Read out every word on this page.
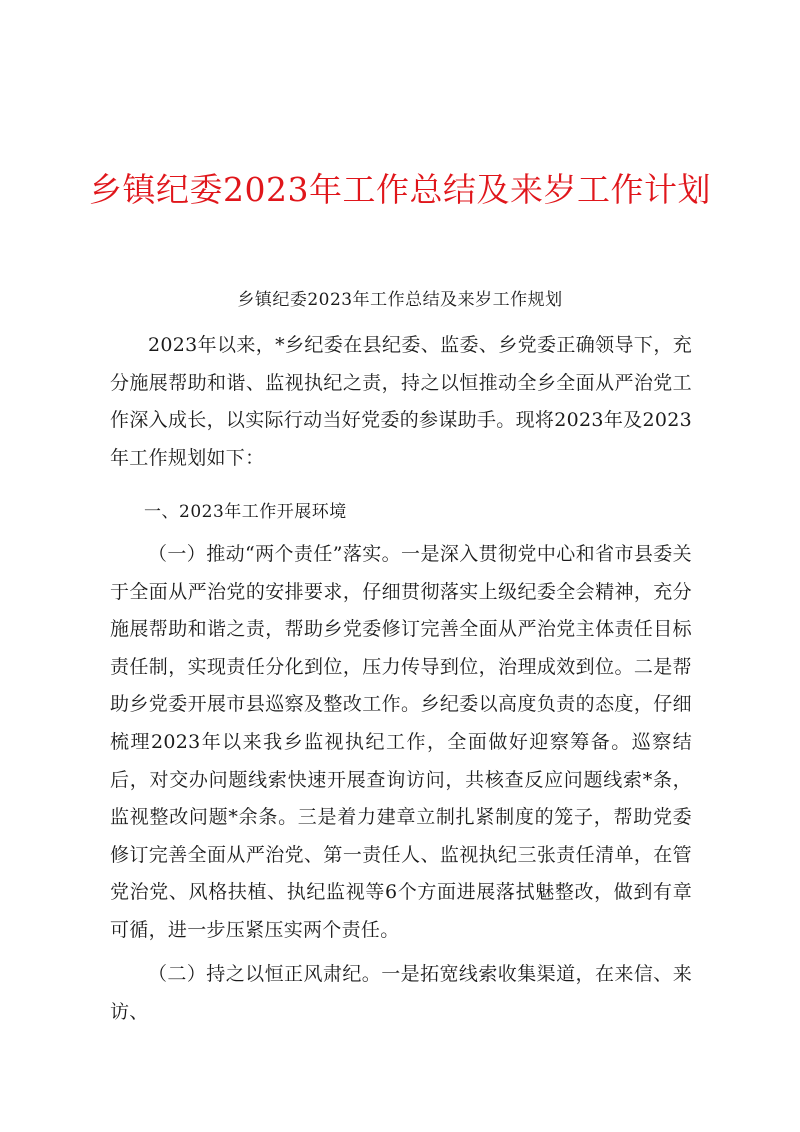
乡镇纪委2023年工作总结及来岁工作计划
乡镇纪委2023年工作总结及来岁工作规划

2023年以来，*乡纪委在县纪委、监委、乡党委正确领导下，充分施展帮助和谐、监视执纪之责，持之以恒推动全乡全面从严治党工作深入成长，以实际行动当好党委的参谋助手。现将2023年及2023年工作规划如下：

一、2023年工作开展环境

（一）推动“两个责任”落实。一是深入贯彻党中心和省市县委关于全面从严治党的安排要求，仔细贯彻落实上级纪委全会精神，充分施展帮助和谐之责，帮助乡党委修订完善全面从严治党主体责任目标责任制，实现责任分化到位，压力传导到位，治理成效到位。二是帮助乡党委开展市县巡察及整改工作。乡纪委以高度负责的态度，仔细梳理2023年以来我乡监视执纪工作，全面做好迎察筹备。巡察结后，对交办问题线索快速开展查询访问，共核查反应问题线索*条，监视整改问题*余条。三是着力建章立制扎紧制度的笼子，帮助党委修订完善全面从严治党、第一责任人、监视执纪三张责任清单，在管党治党、风格扶植、执纪监视等6个方面进展落拭魅整改，做到有章可循，进一步压紧压实两个责任。

（二）持之以恒正风肃纪。一是拓宽线索收集渠道，在来信、来访、
